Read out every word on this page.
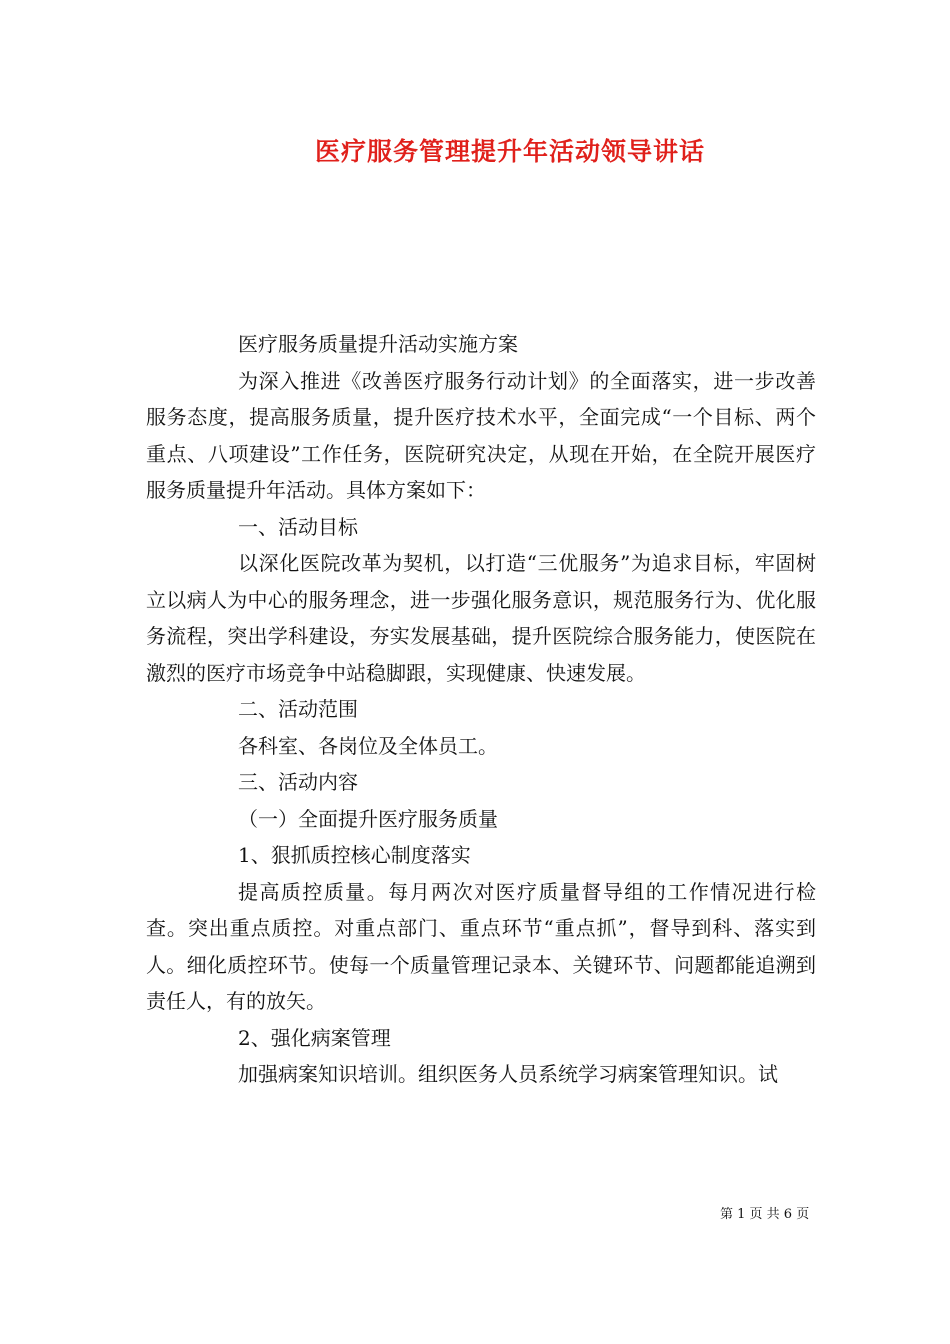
医疗服务管理提升年活动领导讲话

医疗服务质量提升活动实施方案

为深入推进《改善医疗服务行动计划》的全面落实，进一步改善服务态度，提高服务质量，提升医疗技术水平，全面完成“一个目标、两个重点、八项建设”工作任务，医院研究决定，从现在开始，在全院开展医疗服务质量提升年活动。具体方案如下：

一、活动目标

以深化医院改革为契机，以打造“三优服务”为追求目标，牢固树立以病人为中心的服务理念，进一步强化服务意识，规范服务行为、优化服务流程，突出学科建设，夯实发展基础，提升医院综合服务能力，使医院在激烈的医疗市场竞争中站稳脚跟，实现健康、快速发展。

二、活动范围

各科室、各岗位及全体员工。

三、活动内容

（一）全面提升医疗服务质量

1、狠抓质控核心制度落实

提高质控质量。每月两次对医疗质量督导组的工作情况进行检查。突出重点质控。对重点部门、重点环节“重点抓”，督导到科、落实到人。细化质控环节。使每一个质量管理记录本、关键环节、问题都能追溯到责任人，有的放矢。

2、强化病案管理

加强病案知识培训。组织医务人员系统学习病案管理知识。试

第 1 页 共 6 页
